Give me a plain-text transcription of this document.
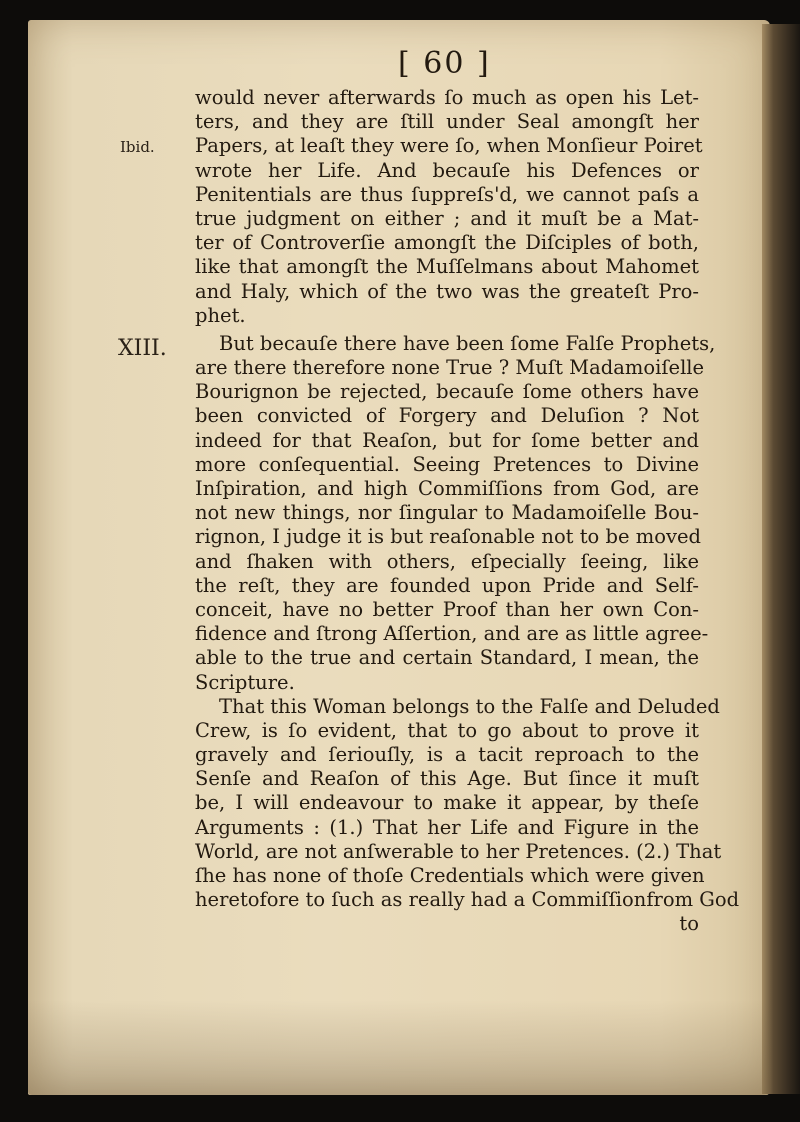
[ 60 ]
Ibid.
XIII.
would never afterwards ſo much as open his Let-
ters, and they are ſtill under Seal amongſt her
Papers, at leaſt they were ſo, when Monſieur Poiret
wrote her Life. And becauſe his Defences or
Penitentials are thus ſuppreſs'd, we cannot paſs a
true judgment on either ; and it muſt be a Mat-
ter of Controverſie amongſt the Diſciples of both,
like that amongſt the Muſſelmans about Mahomet
and Haly, which of the two was the greateſt Pro-
phet.
But becauſe there have been ſome Falſe Prophets,
are there therefore none True ? Muſt Madamoiſelle
Bourignon be rejected, becauſe ſome others have
been convicted of Forgery and Deluſion ? Not
indeed for that Reaſon, but for ſome better and
more conſequential. Seeing Pretences to Divine
Inſpiration, and high Commiſſions from God, are
not new things, nor ſingular to Madamoiſelle Bou-
rignon, I judge it is but reaſonable not to be moved
and ſhaken with others, eſpecially ſeeing, like
the reſt, they are founded upon Pride and Self-
conceit, have no better Proof than her own Con-
fidence and ſtrong Aſſertion, and are as little agree-
able to the true and certain Standard, I mean, the
Scripture.
That this Woman belongs to the Falſe and Deluded
Crew, is ſo evident, that to go about to prove it
gravely and ſeriouſly, is a tacit reproach to the
Senſe and Reaſon of this Age. But ſince it muſt
be, I will endeavour to make it appear, by theſe
Arguments : (1.) That her Life and Figure in the
World, are not anſwerable to her Pretences. (2.) That
ſhe has none of thoſe Credentials which were given
heretofore to ſuch as really had a Commiſſionfrom God
to
